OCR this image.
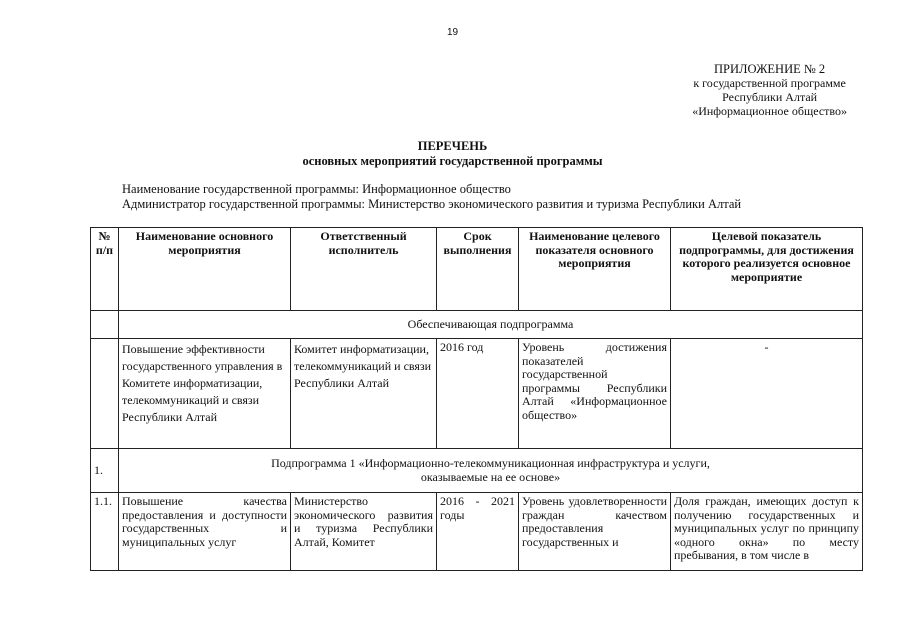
19
ПРИЛОЖЕНИЕ № 2
к государственной программе
Республики Алтай
«Информационное общество»
ПЕРЕЧЕНЬ
основных мероприятий государственной программы
Наименование государственной программы: Информационное общество
Администратор государственной программы: Министерство экономического развития и туризма Республики Алтай
№ п/п	Наименование основного мероприятия	Ответственный исполнитель	Срок выполнения	Наименование целевого показателя основного мероприятия	Целевой показатель подпрограммы, для достижения которого реализуется основное мероприятие
	Обеспечивающая подпрограмма				
	Повышение эффективности государственного управления в Комитете информатизации, телекоммуникаций и связи Республики Алтай	Комитет информатизации, телекоммуникаций и связи Республики Алтай	2016 год	Уровень достижения показателей государственной программы Республики Алтай «Информационное общество»	-
1.	Подпрограмма 1 «Информационно-телекоммуникационная инфраструктура и услуги, оказываемые на ее основе»				
1.1.	Повышение качества предоставления и доступности государственных и муниципальных услуг	Министерство экономического развития и туризма Республики Алтай, Комитет	2016 - 2021 годы	Уровень удовлетворенности граждан качеством предоставления государственных и	Доля граждан, имеющих доступ к получению государственных и муниципальных услуг по принципу «одного окна» по месту пребывания, в том числе в
